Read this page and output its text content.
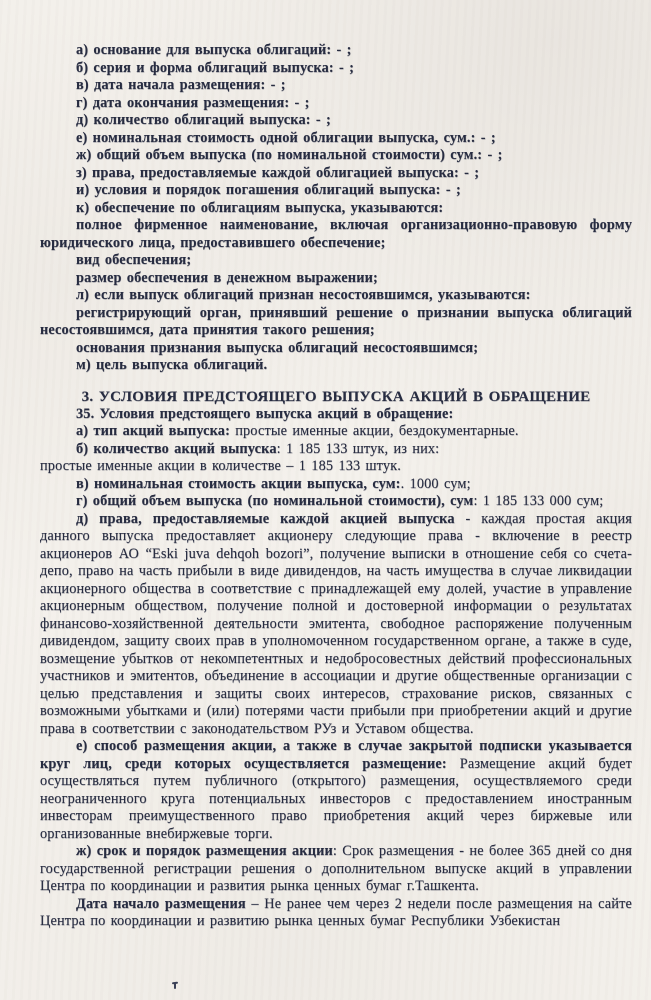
а) основание для выпуска облигаций: - ;

б) серия и форма облигаций выпуска: - ;

в) дата начала размещения: - ;

г) дата окончания размещения: - ;

д) количество облигаций выпуска: - ;

е) номинальная стоимость одной облигации выпуска, сум.: - ;

ж) общий объем выпуска (по номинальной стоимости) сум.: - ;

з) права, предоставляемые каждой облигацией выпуска: - ;

и) условия и порядок погашения облигаций выпуска: - ;

к) обеспечение по облигациям выпуска, указываются:

полное фирменное наименование, включая организационно-правовую форму юридического лица, предоставившего обеспечение;

вид обеспечения;

размер обеспечения в денежном выражении;

л) если выпуск облигаций признан несостоявшимся, указываются:

регистрирующий орган, принявший решение о признании выпуска облигаций несостоявшимся, дата принятия такого решения;

основания признания выпуска облигаций несостоявшимся;

м) цель выпуска облигаций.

3. УСЛОВИЯ ПРЕДСТОЯЩЕГО ВЫПУСКА АКЦИЙ В ОБРАЩЕНИЕ

35. Условия предстоящего выпуска акций в обращение:

а) тип акций выпуска: простые именные акции, бездокументарные.

б) количество акций выпуска: 1 185 133 штук, из них:

простые именные акции в количестве – 1 185 133 штук.

в) номинальная стоимость акции выпуска, сум:. 1000 сум;

г) общий объем выпуска (по номинальной стоимости), сум: 1 185 133 000 сум;

д) права, предоставляемые каждой акцией выпуска - каждая простая акция данного выпуска предоставляет акционеру следующие права - включение в реестр акционеров АО “Eski juva dehqoh bozori”, получение выписки в отношение себя со счета-депо, право на часть прибыли в виде дивидендов, на часть имущества в случае ликвидации акционерного общества в соответствие с принадлежащей ему долей, участие в управление акционерным обществом, получение полной и достоверной информации о результатах финансово-хозяйственной деятельности эмитента, свободное распоряжение полученным дивидендом, защиту своих прав в уполномоченном государственном органе, а также в суде, возмещение убытков от некомпетентных и недобросовестных действий профессиональных участников и эмитентов, объединение в ассоциации и другие общественные организации с целью представления и защиты своих интересов, страхование рисков, связанных с возможными убытками и (или) потерями части прибыли при приобретении акций и другие права в соответствии с законодательством РУз и Уставом общества.

е) способ размещения акции, а также в случае закрытой подписки указывается круг лиц, среди которых осуществляется размещение: Размещение акций будет осуществляться путем публичного (открытого) размещения, осуществляемого среди неограниченного круга потенциальных инвесторов с предоставлением иностранным инвесторам преимущественного право приобретения акций через биржевые или организованные внебиржевые торги.

ж) срок и порядок размещения акции: Срок размещения - не более 365 дней со дня государственной регистрации решения о дополнительном выпуске акций в управлении Центра по координации и развития рынка ценных бумаг г.Ташкента.

Дата начало размещения – Не ранее чем через 2 недели после размещения на сайте Центра по координации и развитию рынка ценных бумаг Республики Узбекистан
